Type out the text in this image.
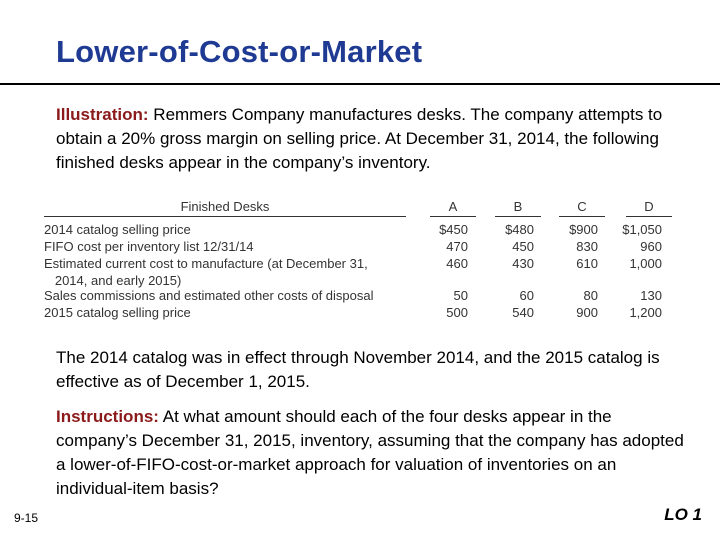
Lower-of-Cost-or-Market
Illustration: Remmers Company manufactures desks. The company attempts to obtain a 20% gross margin on selling price. At December 31, 2014, the following finished desks appear in the company’s inventory.
Finished Desks	A	B	C	D
2014 catalog selling price	$450	$480	$900	$1,050
FIFO cost per inventory list 12/31/14	470	450	830	960
Estimated current cost to manufacture (at December 31,	460	430	610	1,000
2014, and early 2015)
Sales commissions and estimated other costs of disposal	50	60	80	130
2015 catalog selling price	500	540	900	1,200
The 2014 catalog was in effect through November 2014, and the 2015 catalog is effective as of December 1, 2015.
Instructions: At what amount should each of the four desks appear in the company’s December 31, 2015, inventory, assuming that the company has adopted a lower-of-FIFO-cost-or-market approach for valuation of inventories on an individual-item basis?
9-15	LO 1
